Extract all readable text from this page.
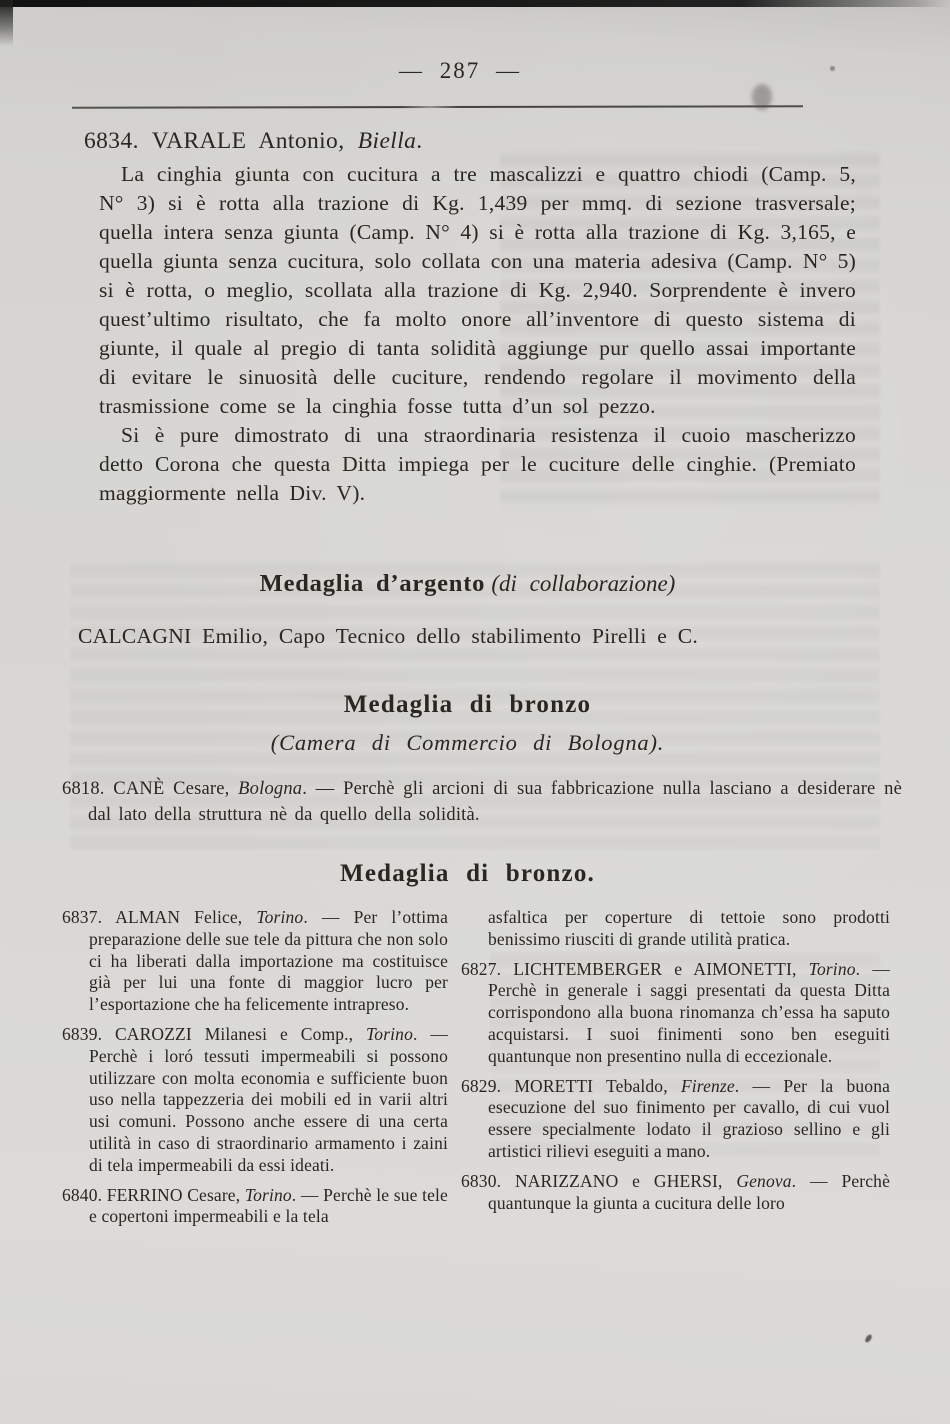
— 287 —
6834. VARALE Antonio, Biella.

La cinghia giunta con cucitura a tre mascalizzi e quattro chiodi (Camp. 5, N° 3) si è rotta alla trazione di Kg. 1,439 per mmq. di sezione trasversale; quella intera senza giunta (Camp. N° 4) si è rotta alla trazione di Kg. 3,165, e quella giunta senza cucitura, solo collata con una materia adesiva (Camp. N° 5) si è rotta, o meglio, scollata alla trazione di Kg. 2,940. Sorprendente è invero quest’ultimo risultato, che fa molto onore all’inventore di questo sistema di giunte, il quale al pregio di tanta solidità aggiunge pur quello assai importante di evitare le sinuosità delle cuciture, rendendo regolare il movimento della trasmissione come se la cinghia fosse tutta d’un sol pezzo.

Si è pure dimostrato di una straordinaria resistenza il cuoio mascherizzo detto Corona che questa Ditta impiega per le cuciture delle cinghie. (Premiato maggiormente nella Div. V).

Medaglia d’argento (di collaborazione)
CALCAGNI Emilio, Capo Tecnico dello stabilimento Pirelli e C.
Medaglia di bronzo
(Camera di Commercio di Bologna).
6818. CANÈ Cesare, Bologna. — Perchè gli arcioni di sua fabbricazione nulla lasciano a desiderare nè dal lato della struttura nè da quello della solidità.
Medaglia di bronzo.

6837. ALMAN Felice, Torino. — Per l’ottima preparazione delle sue tele da pittura che non solo ci ha liberati dalla importazione ma costituisce già per lui una fonte di maggior lucro per l’esportazione che ha felicemente intrapreso.

6839. CAROZZI Milanesi e Comp., Torino. — Perchè i loró tessuti impermeabili si possono utilizzare con molta economia e sufficiente buon uso nella tappezzeria dei mobili ed in varii altri usi comuni. Possono anche essere di una certa utilità in caso di straordinario armamento i zaini di tela impermeabili da essi ideati.

6840. FERRINO Cesare, Torino. — Perchè le sue tele e copertoni impermeabili e la tela

asfaltica per coperture di tettoie sono prodotti benissimo riusciti di grande utilità pratica.

6827. LICHTEMBERGER e AIMONETTI, Torino. — Perchè in generale i saggi presentati da questa Ditta corrispondono alla buona rinomanza ch’essa ha saputo acquistarsi. I suoi finimenti sono ben eseguiti quantunque non presentino nulla di eccezionale.

6829. MORETTI Tebaldo, Firenze. — Per la buona esecuzione del suo finimento per cavallo, di cui vuol essere specialmente lodato il grazioso sellino e gli artistici rilievi eseguiti a mano.

6830. NARIZZANO e GHERSI, Genova. — Perchè quantunque la giunta a cucitura delle loro
